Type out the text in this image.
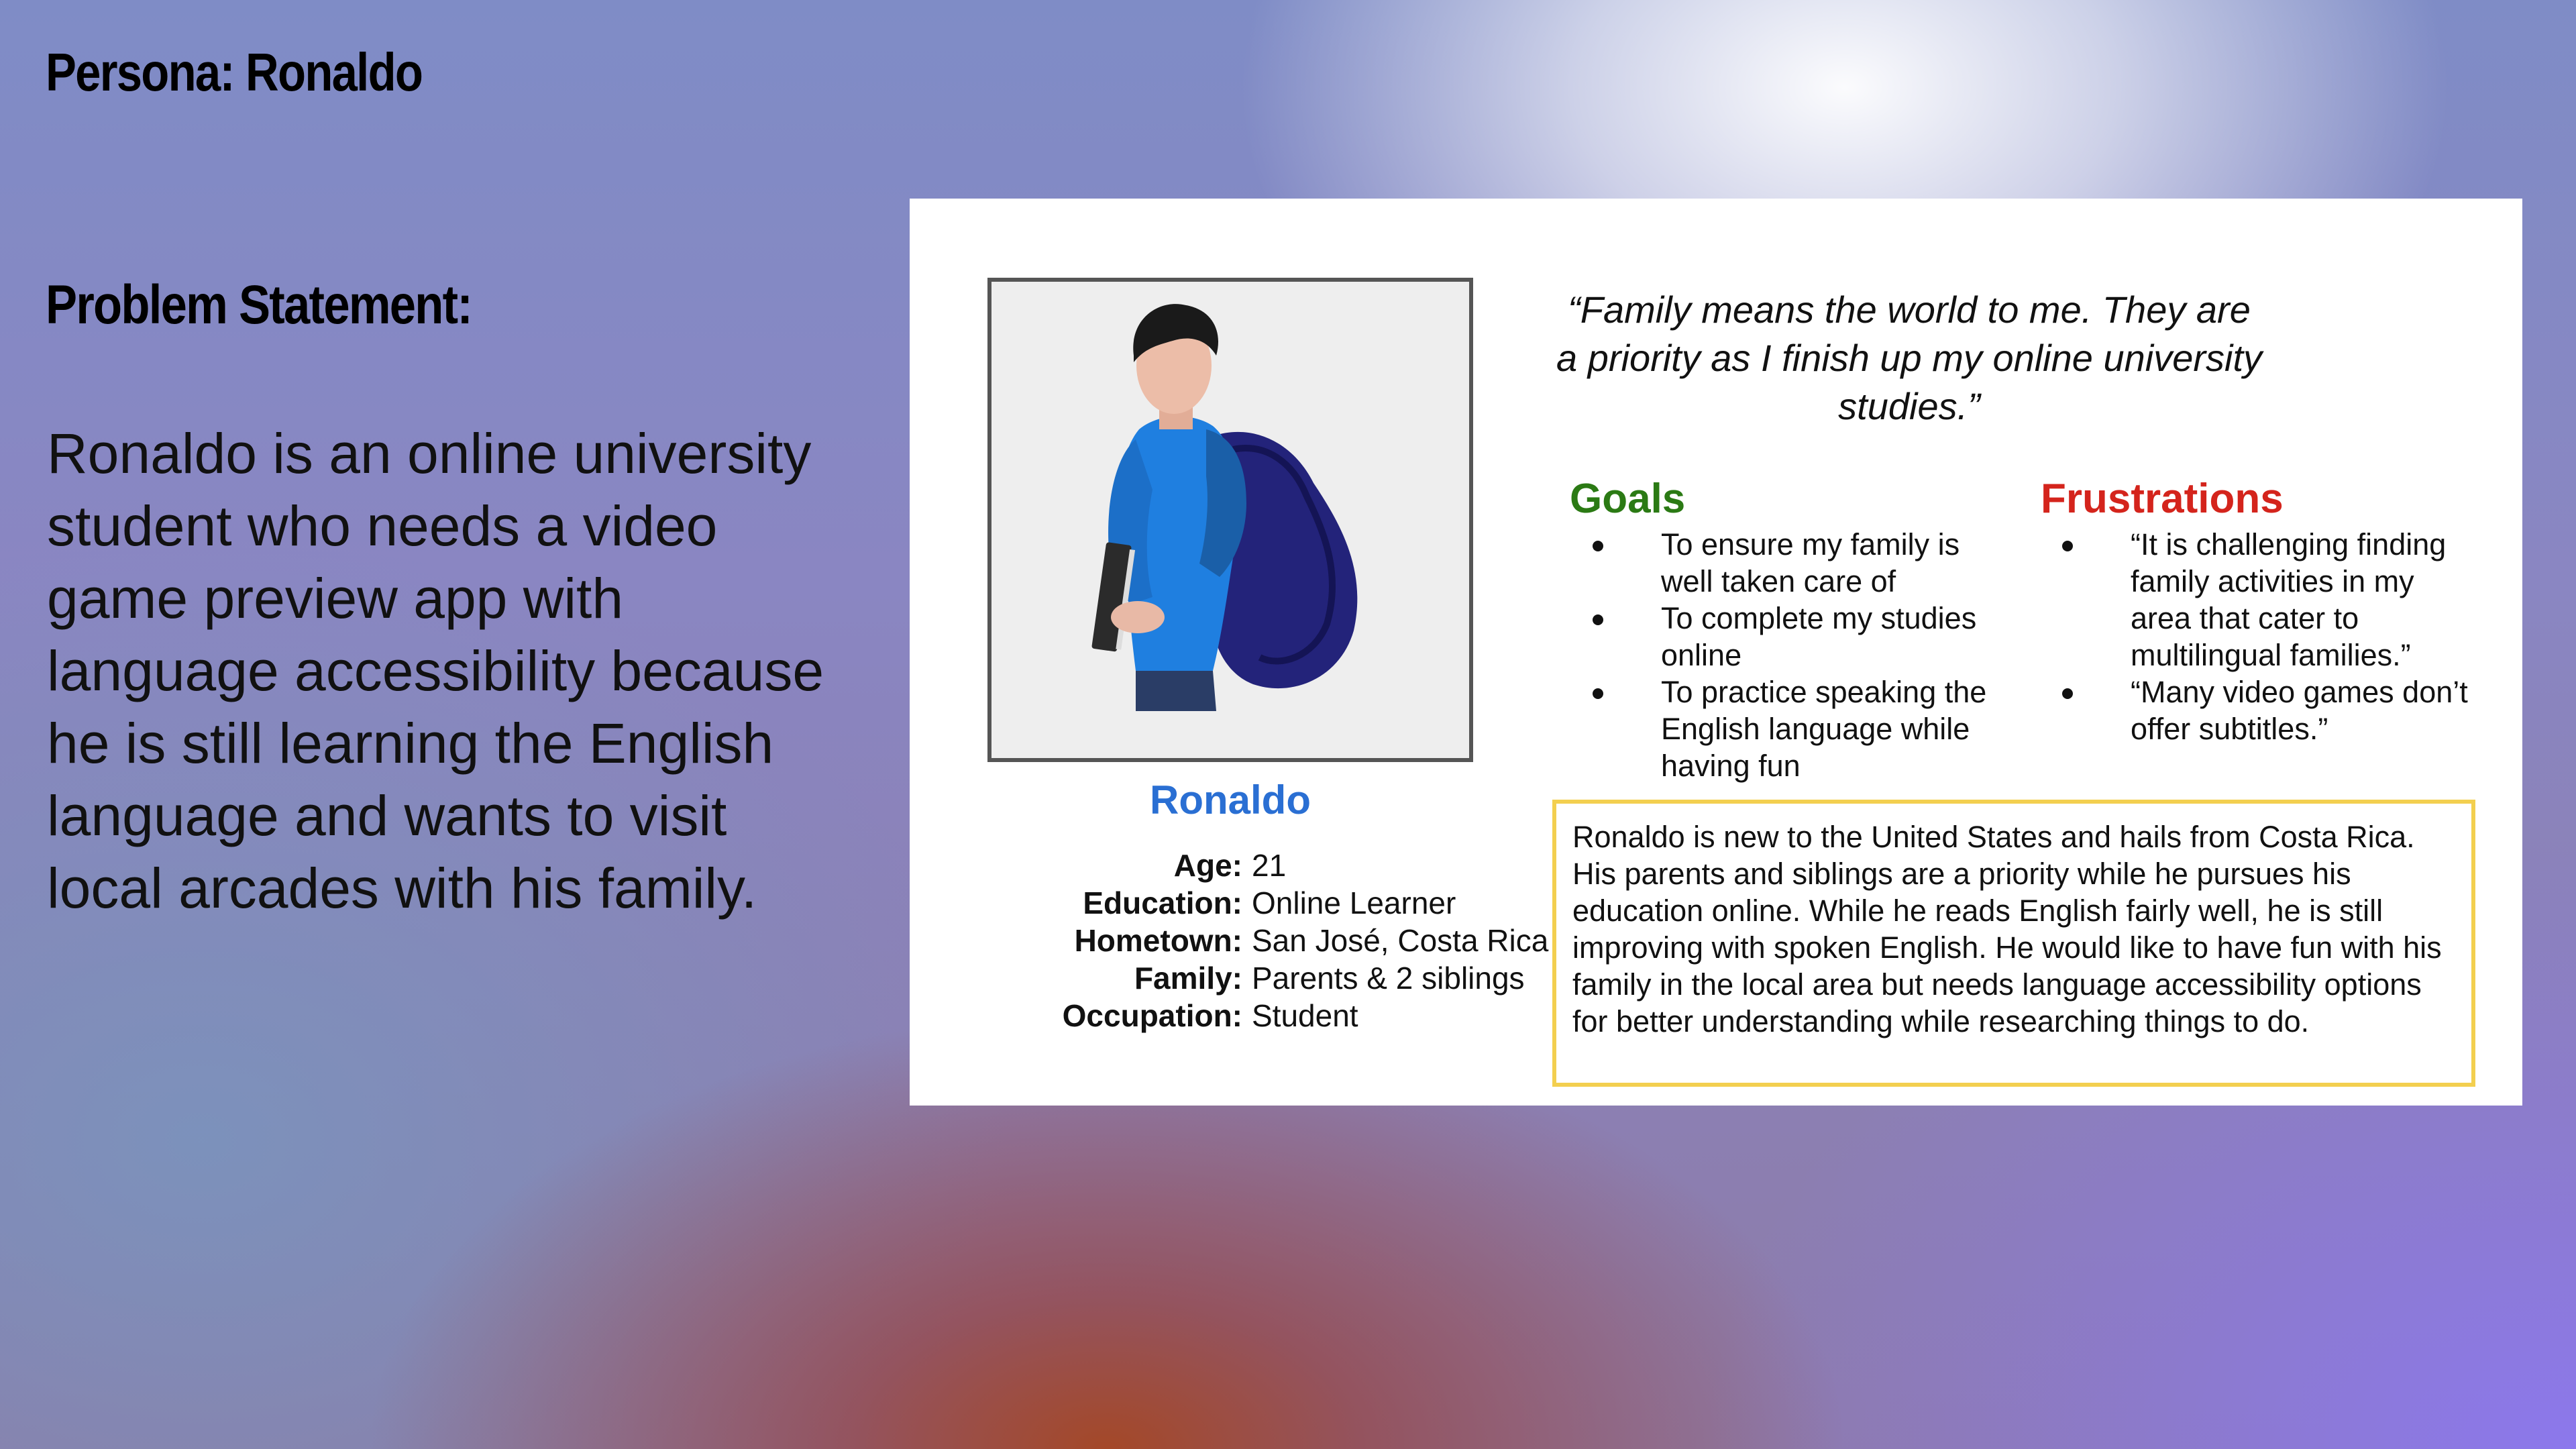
Persona: Ronaldo
Problem Statement:
Ronaldo is an online university student who needs a video game preview app with language accessibility because he is still learning the English language and wants to visit local arcades with his family.
Ronaldo
Age: 21
Education: Online Learner
Hometown: San José, Costa Rica
Family: Parents & 2 siblings
Occupation: Student
“Family means the world to me. They are a priority as I finish up my online university studies.”
Goals
To ensure my family is well taken care of
To complete my studies online
To practice speaking the English language while having fun
Frustrations
“It is challenging finding family activities in my area that cater to multilingual families.”
“Many video games don’t offer subtitles.”
Ronaldo is new to the United States and hails from Costa Rica. His parents and siblings are a priority while he pursues his education online. While he reads English fairly well, he is still improving with spoken English. He would like to have fun with his family in the local area but needs language accessibility options for better understanding while researching things to do.
